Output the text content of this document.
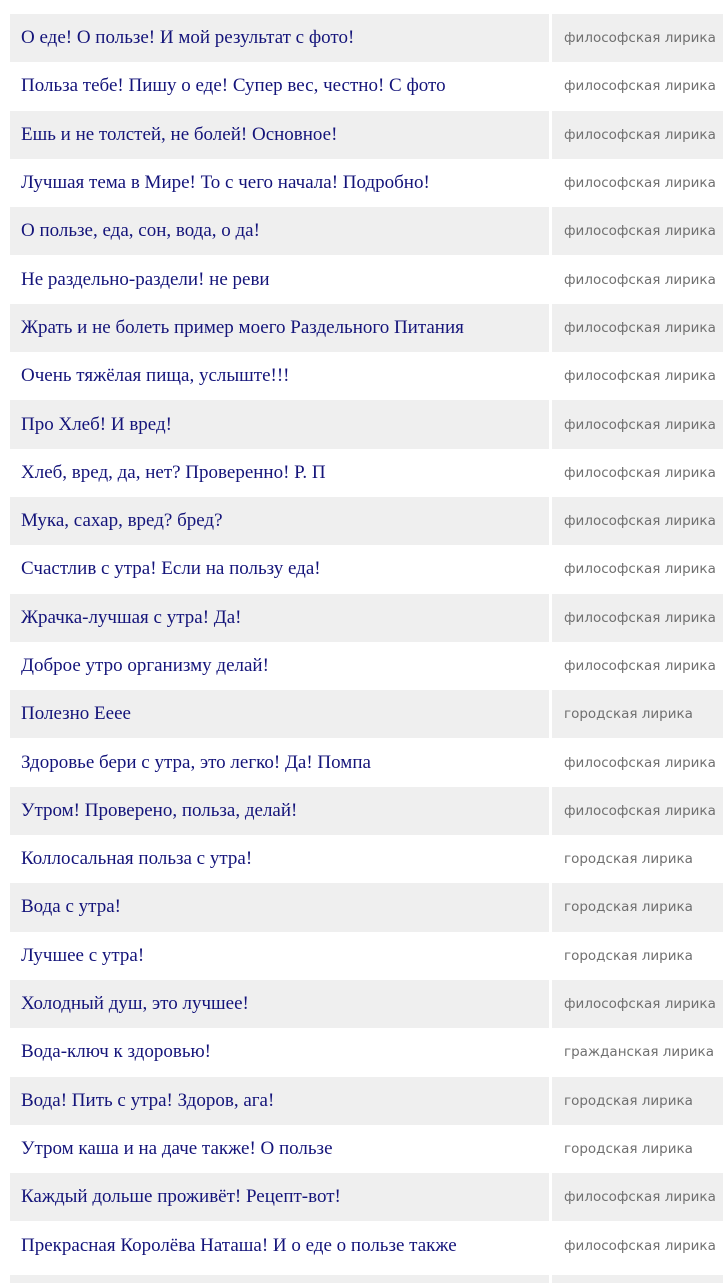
О еде! О пользе! И мой результат с фото!	философская лирика
Польза тебе! Пишу о еде! Супер вес, честно! С фото	философская лирика
Ешь и не толстей, не болей! Основное!	философская лирика
Лучшая тема в Мире! То с чего начала! Подробно!	философская лирика
О пользе, еда, сон, вода, о да!	философская лирика
Не раздельно-раздели! не реви	философская лирика
Жрать и не болеть пример моего Раздельного Питания	философская лирика
Очень тяжёлая пища, услыште!!!	философская лирика
Про Хлеб! И вред!	философская лирика
Хлеб, вред, да, нет? Проверенно! Р. П	философская лирика
Мука, сахар, вред? бред?	философская лирика
Счастлив с утра! Если на пользу еда!	философская лирика
Жрачка-лучшая с утра! Да!	философская лирика
Доброе утро организму делай!	философская лирика
Полезно Еееe	городская лирика
Здоровье бери с утра, это легко! Да! Помпа	философская лирика
Утром! Проверено, польза, делай!	философская лирика
Коллосальная польза с утра!	городская лирика
Вода с утра!	городская лирика
Лучшее с утра!	городская лирика
Холодный душ, это лучшее!	философская лирика
Вода-ключ к здоровью!	гражданская лирика
Вода! Пить с утра! Здоров, ага!	городская лирика
Утром каша и на даче также! О пользе	городская лирика
Каждый дольше проживёт! Рецепт-вот!	философская лирика
Прекрасная Королёва Наташа! И о еде о пользе также	философская лирика
